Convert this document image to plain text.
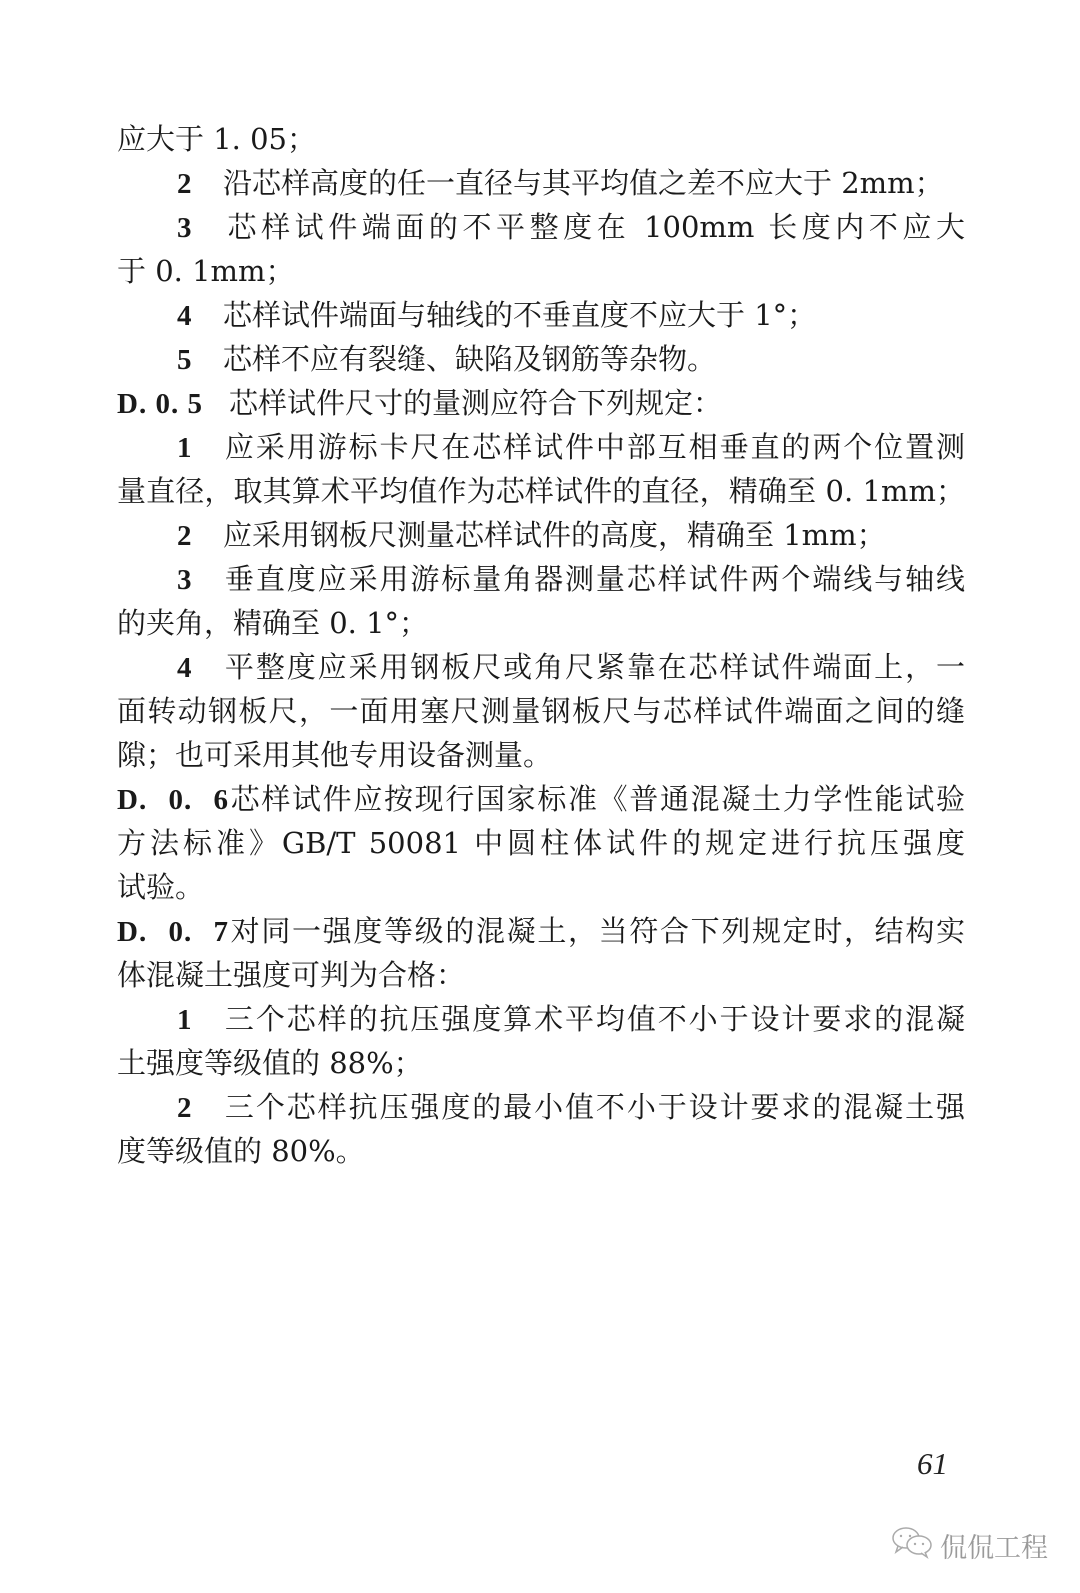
应大于 1. 05；
2 沿芯样高度的任一直径与其平均值之差不应大于 2mm；
3 芯样试件端面的不平整度在 100mm 长度内不应大
于 0. 1mm；
4 芯样试件端面与轴线的不垂直度不应大于 1°；
5 芯样不应有裂缝、缺陷及钢筋等杂物。
D. 0. 5 芯样试件尺寸的量测应符合下列规定：
1 应采用游标卡尺在芯样试件中部互相垂直的两个位置测
量直径，取其算术平均值作为芯样试件的直径，精确至 0. 1mm；
2 应采用钢板尺测量芯样试件的高度，精确至 1mm；
3 垂直度应采用游标量角器测量芯样试件两个端线与轴线
的夹角，精确至 0. 1°；
4 平整度应采用钢板尺或角尺紧靠在芯样试件端面上，一
面转动钢板尺，一面用塞尺测量钢板尺与芯样试件端面之间的缝
隙；也可采用其他专用设备测量。
D. 0. 6芯样试件应按现行国家标准《普通混凝土力学性能试验
方法标准》GB/T 50081 中圆柱体试件的规定进行抗压强度
试验。
D. 0. 7对同一强度等级的混凝土，当符合下列规定时，结构实
体混凝土强度可判为合格：
1 三个芯样的抗压强度算术平均值不小于设计要求的混凝
土强度等级值的 88%；
2 三个芯样抗压强度的最小值不小于设计要求的混凝土强
度等级值的 80%。
61
侃侃工程
